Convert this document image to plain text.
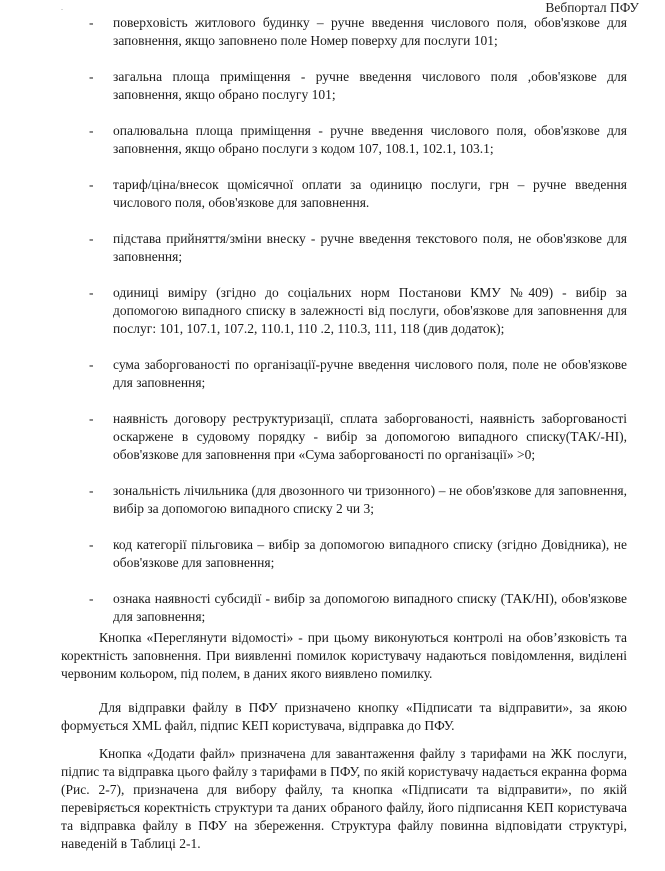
Вебпортал ПФУ
.
- поверхoвість житлового будинку – ручне введення числового поля, обов'язкове для заповнення, якщо заповнено поле Номер поверху для послуги 101;
- загальна площа приміщення - ручне введення числового поля ,обов'язкове для заповнення, якщо обрано послугу 101;
- опалювальна площа приміщення - ручне введення числового поля, обов'язкове для заповнення, якщо обрано послуги з кодом 107, 108.1, 102.1, 103.1;
- тариф/ціна/внесок щомісячної оплати за одиницю послуги, грн – ручне введення числового поля, обов'язкове для заповнення.
- підстава прийняття/зміни внеску - ручне введення текстового поля, не обов'язкове для заповнення;
- одиниці виміру (згідно до соціальних норм Постанови КМУ №409) - вибір за допомогою випадного списку в залежності від послуги, обов'язкове для заповнення для послуг: 101, 107.1, 107.2, 110.1, 110 .2, 110.3, 111, 118 (див додаток);
- сума заборгованості по організації-ручне введення числового поля, поле не обов'язкове для заповнення;
- наявність договору реструктуризації, сплата заборгованості, наявність заборгованості оскаржене в судовому порядку - вибір за допомогою випадного списку(ТАК/-НІ), обов'язкове для заповнення при «Сума заборгованості по організації» >0;
- зональність лічильника (для двозонного чи тризонного) – не обов'язкове для заповнення, вибір за допомогою випадного списку 2 чи 3;
- код категорії пільговика – вибір за допомогою випадного списку (згідно Довідника), не обов'язкове для заповнення;
- ознака наявності субсидії - вибір за допомогою випадного списку (ТАК/НІ), обов'язкове для заповнення;

Кнопка «Переглянути відомості» - при цьому виконуються контролі на обов’язковість та коректність заповнення. При виявленні помилок користувачу надаються повідомлення, виділені червоним кольором, під полем, в даних якого виявлено помилку.

Для відправки файлу в ПФУ призначено кнопку «Підписати та відправити», за якою формується XML файл, підпис КЕП користувача, відправка до ПФУ.

Кнопка «Додати файл» призначена для завантаження файлу з тарифами на ЖК послуги, підпис та відправка цього файлу з тарифами в ПФУ, по якій користувачу надається екранна форма (Рис. 2-7), призначена для вибору файлу, та кнопка «Підписати та відправити», по якій перевіряється коректність структури та даних обраного файлу, його підписання КЕП користувача та відправка файлу в ПФУ на збереження. Структура файлу повинна відповідати структурі, наведеній в Таблиці 2-1.
